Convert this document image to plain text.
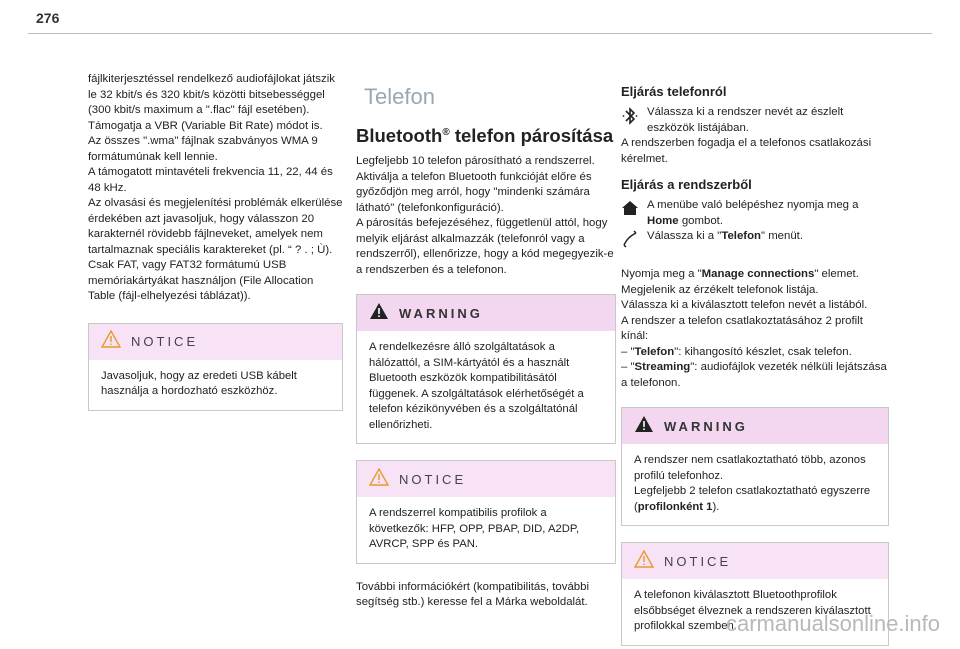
276

fájlkiterjesztéssel rendelkező audiofájlokat játszik le 32 kbit/s és 320 kbit/s közötti bitsebességgel (300 kbit/s maximum a ".flac" fájl esetében).
Támogatja a VBR (Variable Bit Rate) módot is.
Az összes ".wma" fájlnak szabványos WMA 9 formátumúnak kell lennie.
A támogatott mintavételi frekvencia 11, 22, 44 és 48 kHz.
Az olvasási és megjelenítési problémák elkerülése érdekében azt javasoljuk, hogy válasszon 20 karakternél rövidebb fájlneveket, amelyek nem tartalmaznak speciális karaktereket (pl. “ ? . ; Ù).
Csak FAT, vagy FAT32 formátumú USB memóriakártyákat használjon (File Allocation Table (fájl-elhelyezési táblázat)).

NOTICE
Javasoljuk, hogy az eredeti USB kábelt használja a hordozható eszközhöz.
Telefon
Bluetooth® telefon párosítása

Legfeljebb 10 telefon párosítható a rendszerrel.
Aktiválja a telefon Bluetooth funkcióját előre és győződjön meg arról, hogy "mindenki számára látható" (telefonkonfiguráció).
A párosítás befejezéséhez, függetlenül attól, hogy melyik eljárást alkalmazzák (telefonról vagy a rendszerről), ellenőrizze, hogy a kód megegyezik-e a rendszerben és a telefonon.

WARNING
A rendelkezésre álló szolgáltatások a hálózattól, a SIM-kártyától és a használt Bluetooth eszközök kompatibilitásától függenek. A szolgáltatások elérhetőségét a telefon kézikönyvében és a szolgáltatónál ellenőrizheti.
NOTICE
A rendszerrel kompatibilis profilok a következők: HFP, OPP, PBAP, DID, A2DP, AVRCP, SPP és PAN.

További információkért (kompatibilitás, további segítség stb.) keresse fel a Márka weboldalát.

Eljárás telefonról

Válassza ki a rendszer nevét az észlelt eszközök listájában.

A rendszerben fogadja el a telefonos csatlakozási kérelmet.

Eljárás a rendszerből

A menübe való belépéshez nyomja meg a Home gombot.

Válassza ki a "Telefon" menüt.

Nyomja meg a "Manage connections" elemet.

Megjelenik az érzékelt telefonok listája.
Válassza ki a kiválasztott telefon nevét a listából.
A rendszer a telefon csatlakoztatásához 2 profilt kínál:

– "Telefon": kihangosító készlet, csak telefon.

– "Streaming": audiofájlok vezeték nélküli lejátszása a telefonon.

WARNING
A rendszer nem csatlakoztatható több, azonos profilú telefonhoz.
Legfeljebb 2 telefon csatlakoztatható egyszerre (profilonként 1).
NOTICE
A telefonon kiválasztott Bluetoothprofilok elsőbbséget élveznek a rendszeren kiválasztott profilokkal szemben.
carmanualsonline.info
